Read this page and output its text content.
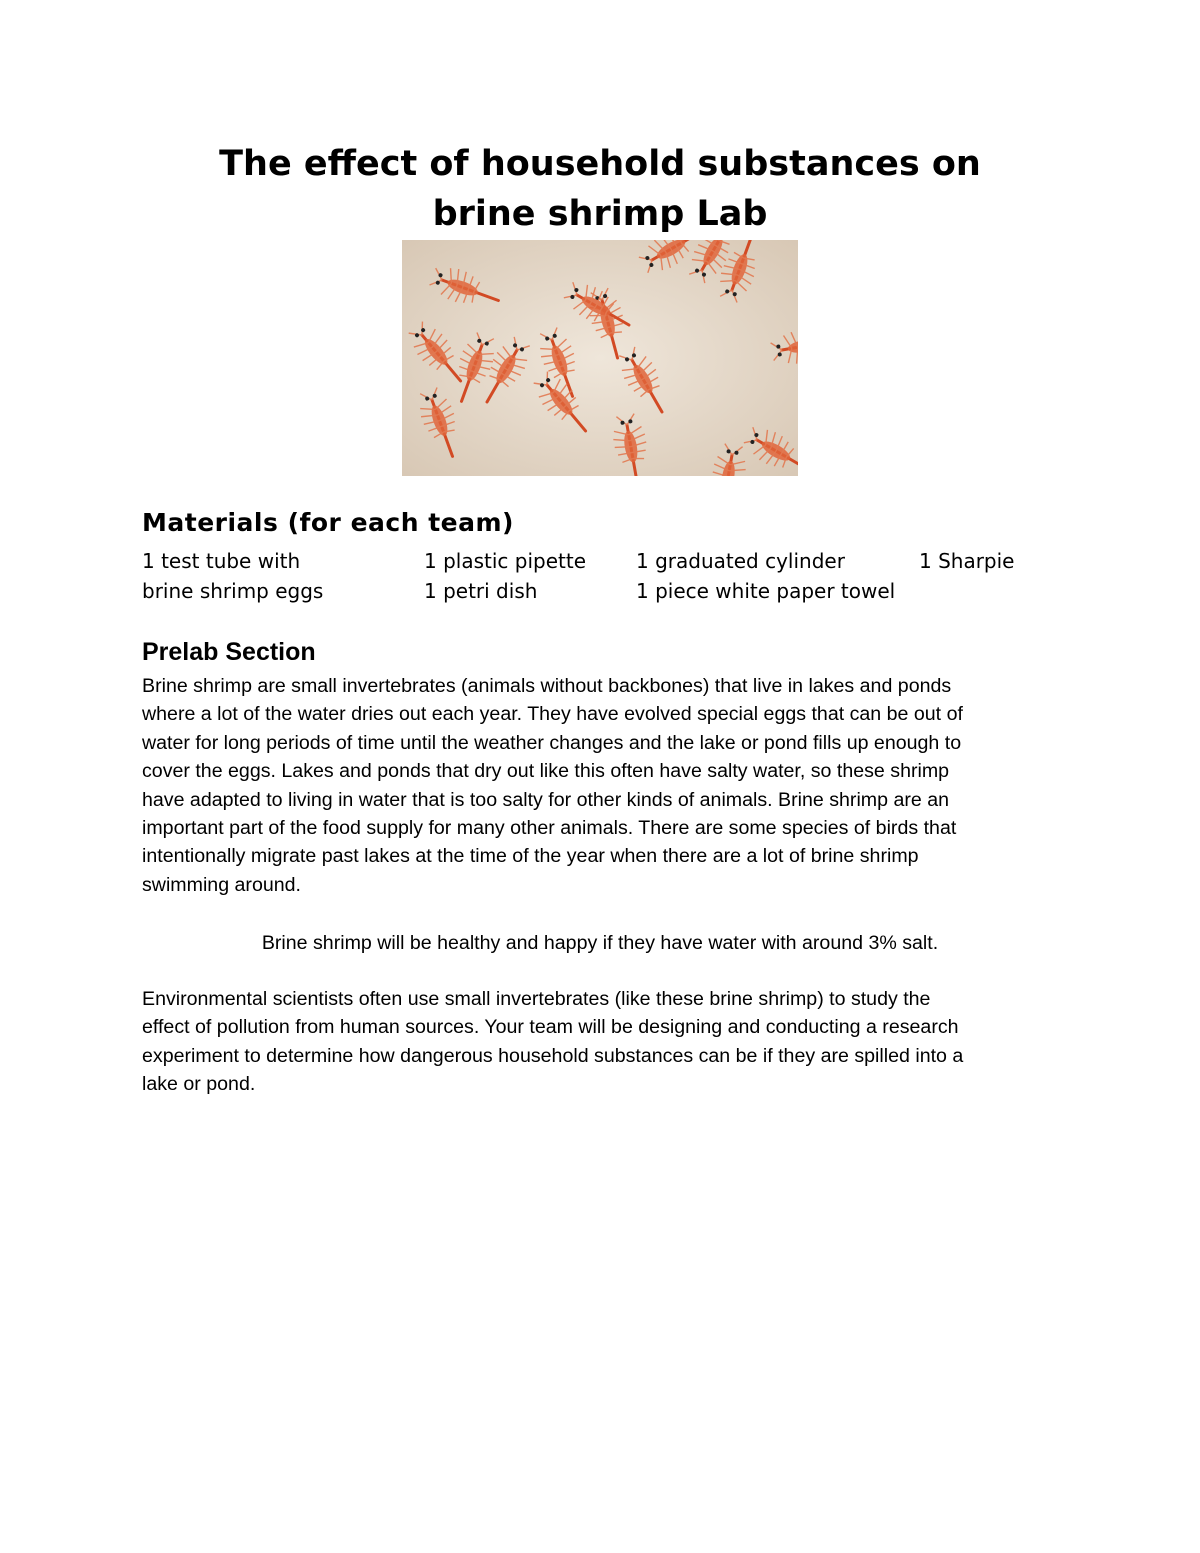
The effect of household substances on
brine shrimp Lab
Materials (for each team)
1 test tube with
brine shrimp eggs
1 plastic pipette
1 petri dish
1 graduated cylinder
1 piece white paper towel
1 Sharpie
Prelab Section
Brine shrimp are small invertebrates (animals without backbones) that live in lakes and ponds
where a lot of the water dries out each year. They have evolved special eggs that can be out of
water for long periods of time until the weather changes and the lake or pond fills up enough to
cover the eggs. Lakes and ponds that dry out like this often have salty water, so these shrimp
have adapted to living in water that is too salty for other kinds of animals. Brine shrimp are an
important part of the food supply for many other animals. There are some species of birds that
intentionally migrate past lakes at the time of the year when there are a lot of brine shrimp
swimming around.
Brine shrimp will be healthy and happy if they have water with around 3% salt.
Environmental scientists often use small invertebrates (like these brine shrimp) to study the
effect of pollution from human sources. Your team will be designing and conducting a research
experiment to determine how dangerous household substances can be if they are spilled into a
lake or pond.
